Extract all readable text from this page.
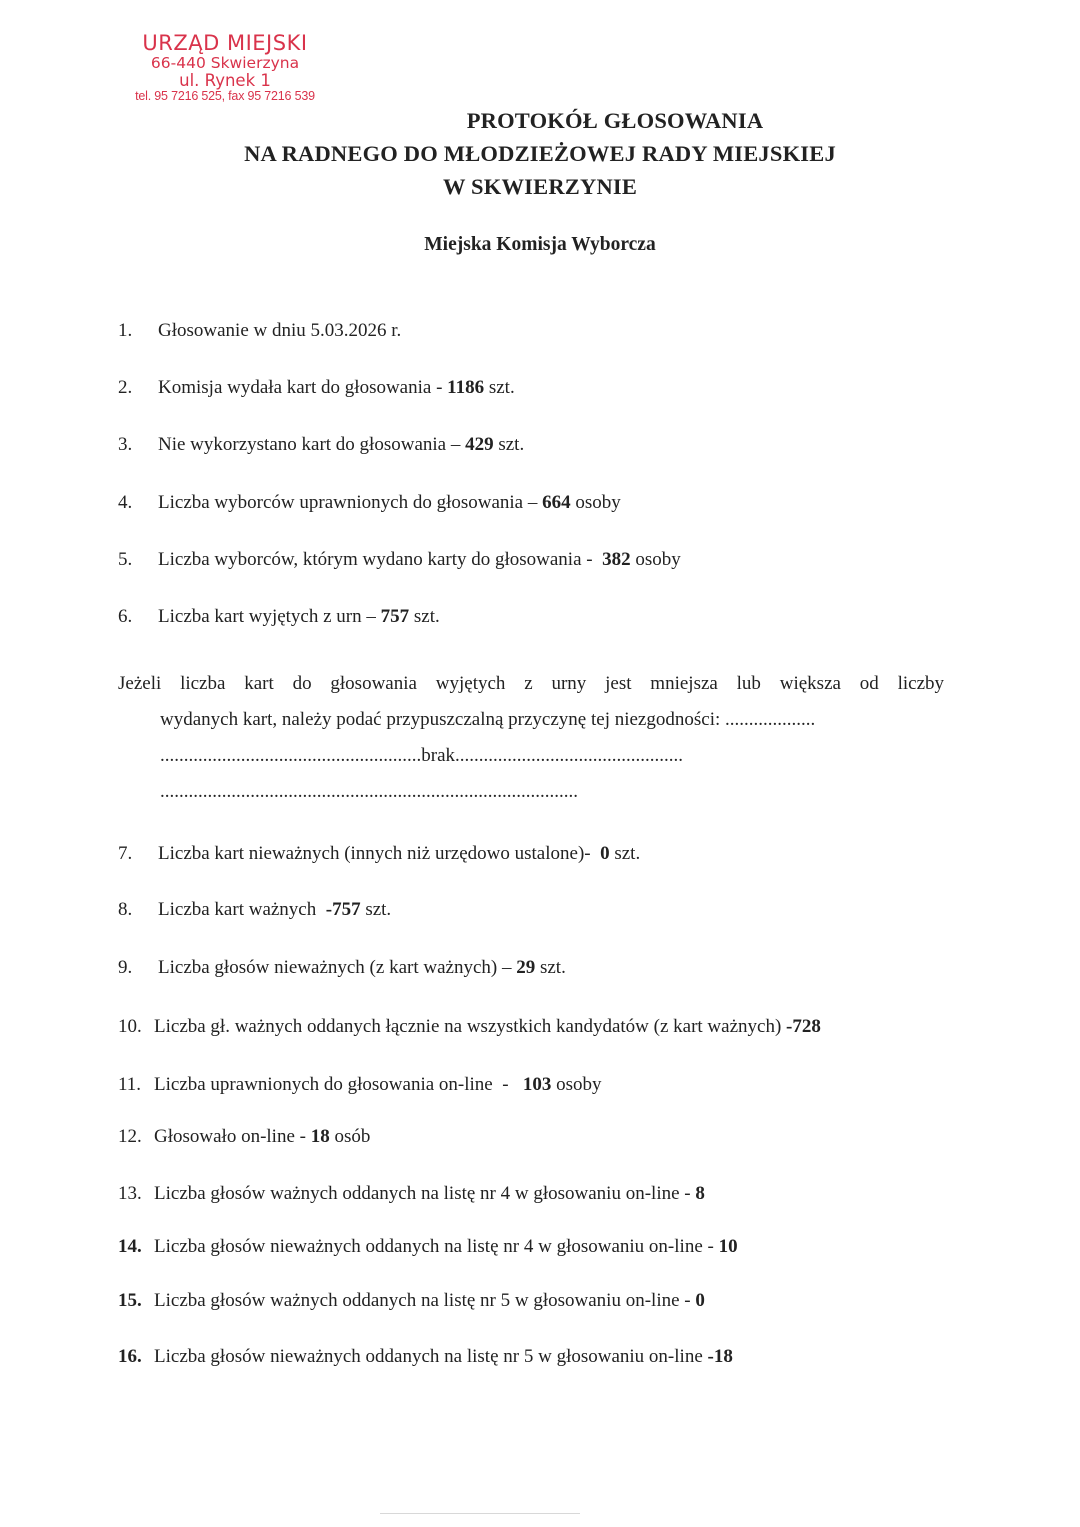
URZĄD MIEJSKI
66-440 Skwierzyna
ul. Rynek 1
tel. 95 7216 525, fax 95 7216 539
PROTOKÓŁ GŁOSOWANIA
NA RADNEGO DO MŁODZIEŻOWEJ RADY MIEJSKIEJ
W SKWIERZYNIE
Miejska Komisja Wyborcza
Jeżeli liczba kart do głosowania wyjętych z urny jest mniejsza lub większa od liczby
wydanych kart, należy podać przypuszczalną przyczynę tej niezgodności: ...................
.......................................................brak................................................
........................................................................................
1. Głosowanie w dniu 5.03.2026 r.
2. Komisja wydała kart do głosowania - 1186 szt.
3. Nie wykorzystano kart do głosowania – 429 szt.
4. Liczba wyborców uprawnionych do głosowania – 664 osoby
5. Liczba wyborców, którym wydano karty do głosowania -  382 osoby
6. Liczba kart wyjętych z urn – 757 szt.
7. Liczba kart nieważnych (innych niż urzędowo ustalone)-  0 szt.
8. Liczba kart ważnych  -757 szt.
9. Liczba głosów nieważnych (z kart ważnych) – 29 szt.
10. Liczba gł. ważnych oddanych łącznie na wszystkich kandydatów (z kart ważnych) -728
11. Liczba uprawnionych do głosowania on-line  -   103 osoby
12. Głosowało on-line - 18 osób
13. Liczba głosów ważnych oddanych na listę nr 4 w głosowaniu on-line - 8
14. Liczba głosów nieważnych oddanych na listę nr 4 w głosowaniu on-line - 10
15. Liczba głosów ważnych oddanych na listę nr 5 w głosowaniu on-line - 0
16. Liczba głosów nieważnych oddanych na listę nr 5 w głosowaniu on-line -18
